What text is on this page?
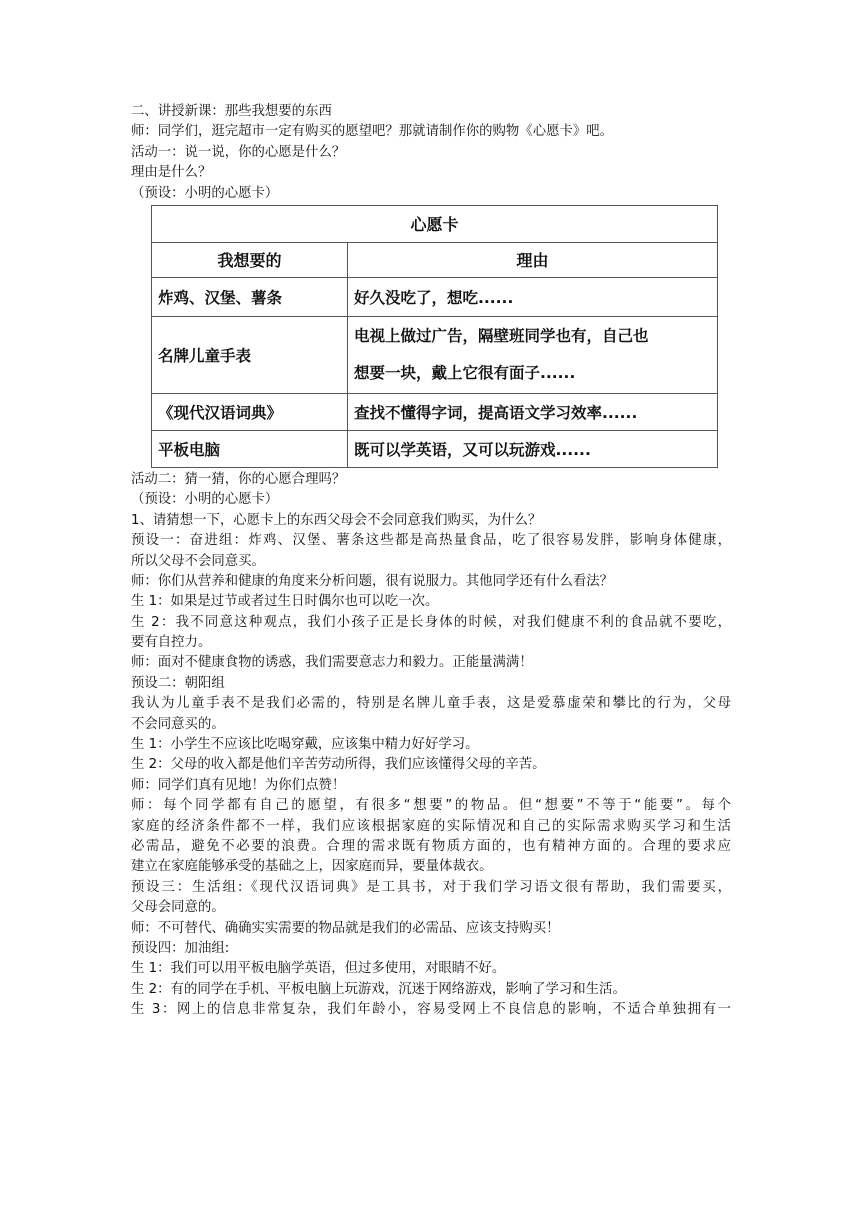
二、讲授新课：那些我想要的东西
师：同学们，逛完超市一定有购买的愿望吧？那就请制作你的购物《心愿卡》吧。
活动一：说一说，你的心愿是什么？
理由是什么？
（预设：小明的心愿卡）
心愿卡	
我想要的	理由
炸鸡、汉堡、薯条	好久没吃了，想吃......
名牌儿童手表	电视上做过广告，隔壁班同学也有，自己也
想要一块，戴上它很有面子......

《现代汉语词典》	查找不懂得字词，提高语文学习效率......
平板电脑	既可以学英语，又可以玩游戏......
活动二：猜一猜，你的心愿合理吗？
（预设：小明的心愿卡）
1、请猜想一下，心愿卡上的东西父母会不会同意我们购买，为什么？
预设一：奋进组：炸鸡、汉堡、薯条这些都是高热量食品，吃了很容易发胖，影响身体健康，
所以父母不会同意买。
师：你们从营养和健康的角度来分析问题，很有说服力。其他同学还有什么看法？
生 1：如果是过节或者过生日时偶尔也可以吃一次。
生 2：我不同意这种观点，我们小孩子正是长身体的时候，对我们健康不利的食品就不要吃，
要有自控力。
师：面对不健康食物的诱惑，我们需要意志力和毅力。正能量满满！
预设二：朝阳组
我认为儿童手表不是我们必需的，特别是名牌儿童手表，这是爱慕虚荣和攀比的行为，父母
不会同意买的。
生 1：小学生不应该比吃喝穿戴，应该集中精力好好学习。
生 2：父母的收入都是他们辛苦劳动所得，我们应该懂得父母的辛苦。
师：同学们真有见地！为你们点赞！
师：每个同学都有自己的愿望，有很多“想要”的物品。但“想要”不等于“能要”。每个
家庭的经济条件都不一样，我们应该根据家庭的实际情况和自己的实际需求购买学习和生活
必需品，避免不必要的浪费。合理的需求既有物质方面的，也有精神方面的。合理的要求应
建立在家庭能够承受的基础之上，因家庭而异，要量体裁衣。
预设三：生活组:《现代汉语词典》是工具书，对于我们学习语文很有帮助，我们需要买，
父母会同意的。
师：不可替代、确确实实需要的物品就是我们的必需品、应该支持购买！
预设四：加油组:
生 1：我们可以用平板电脑学英语，但过多使用，对眼睛不好。
生 2：有的同学在手机、平板电脑上玩游戏，沉迷于网络游戏，影响了学习和生活。
生 3：网上的信息非常复杂，我们年龄小，容易受网上不良信息的影响，不适合单独拥有一
